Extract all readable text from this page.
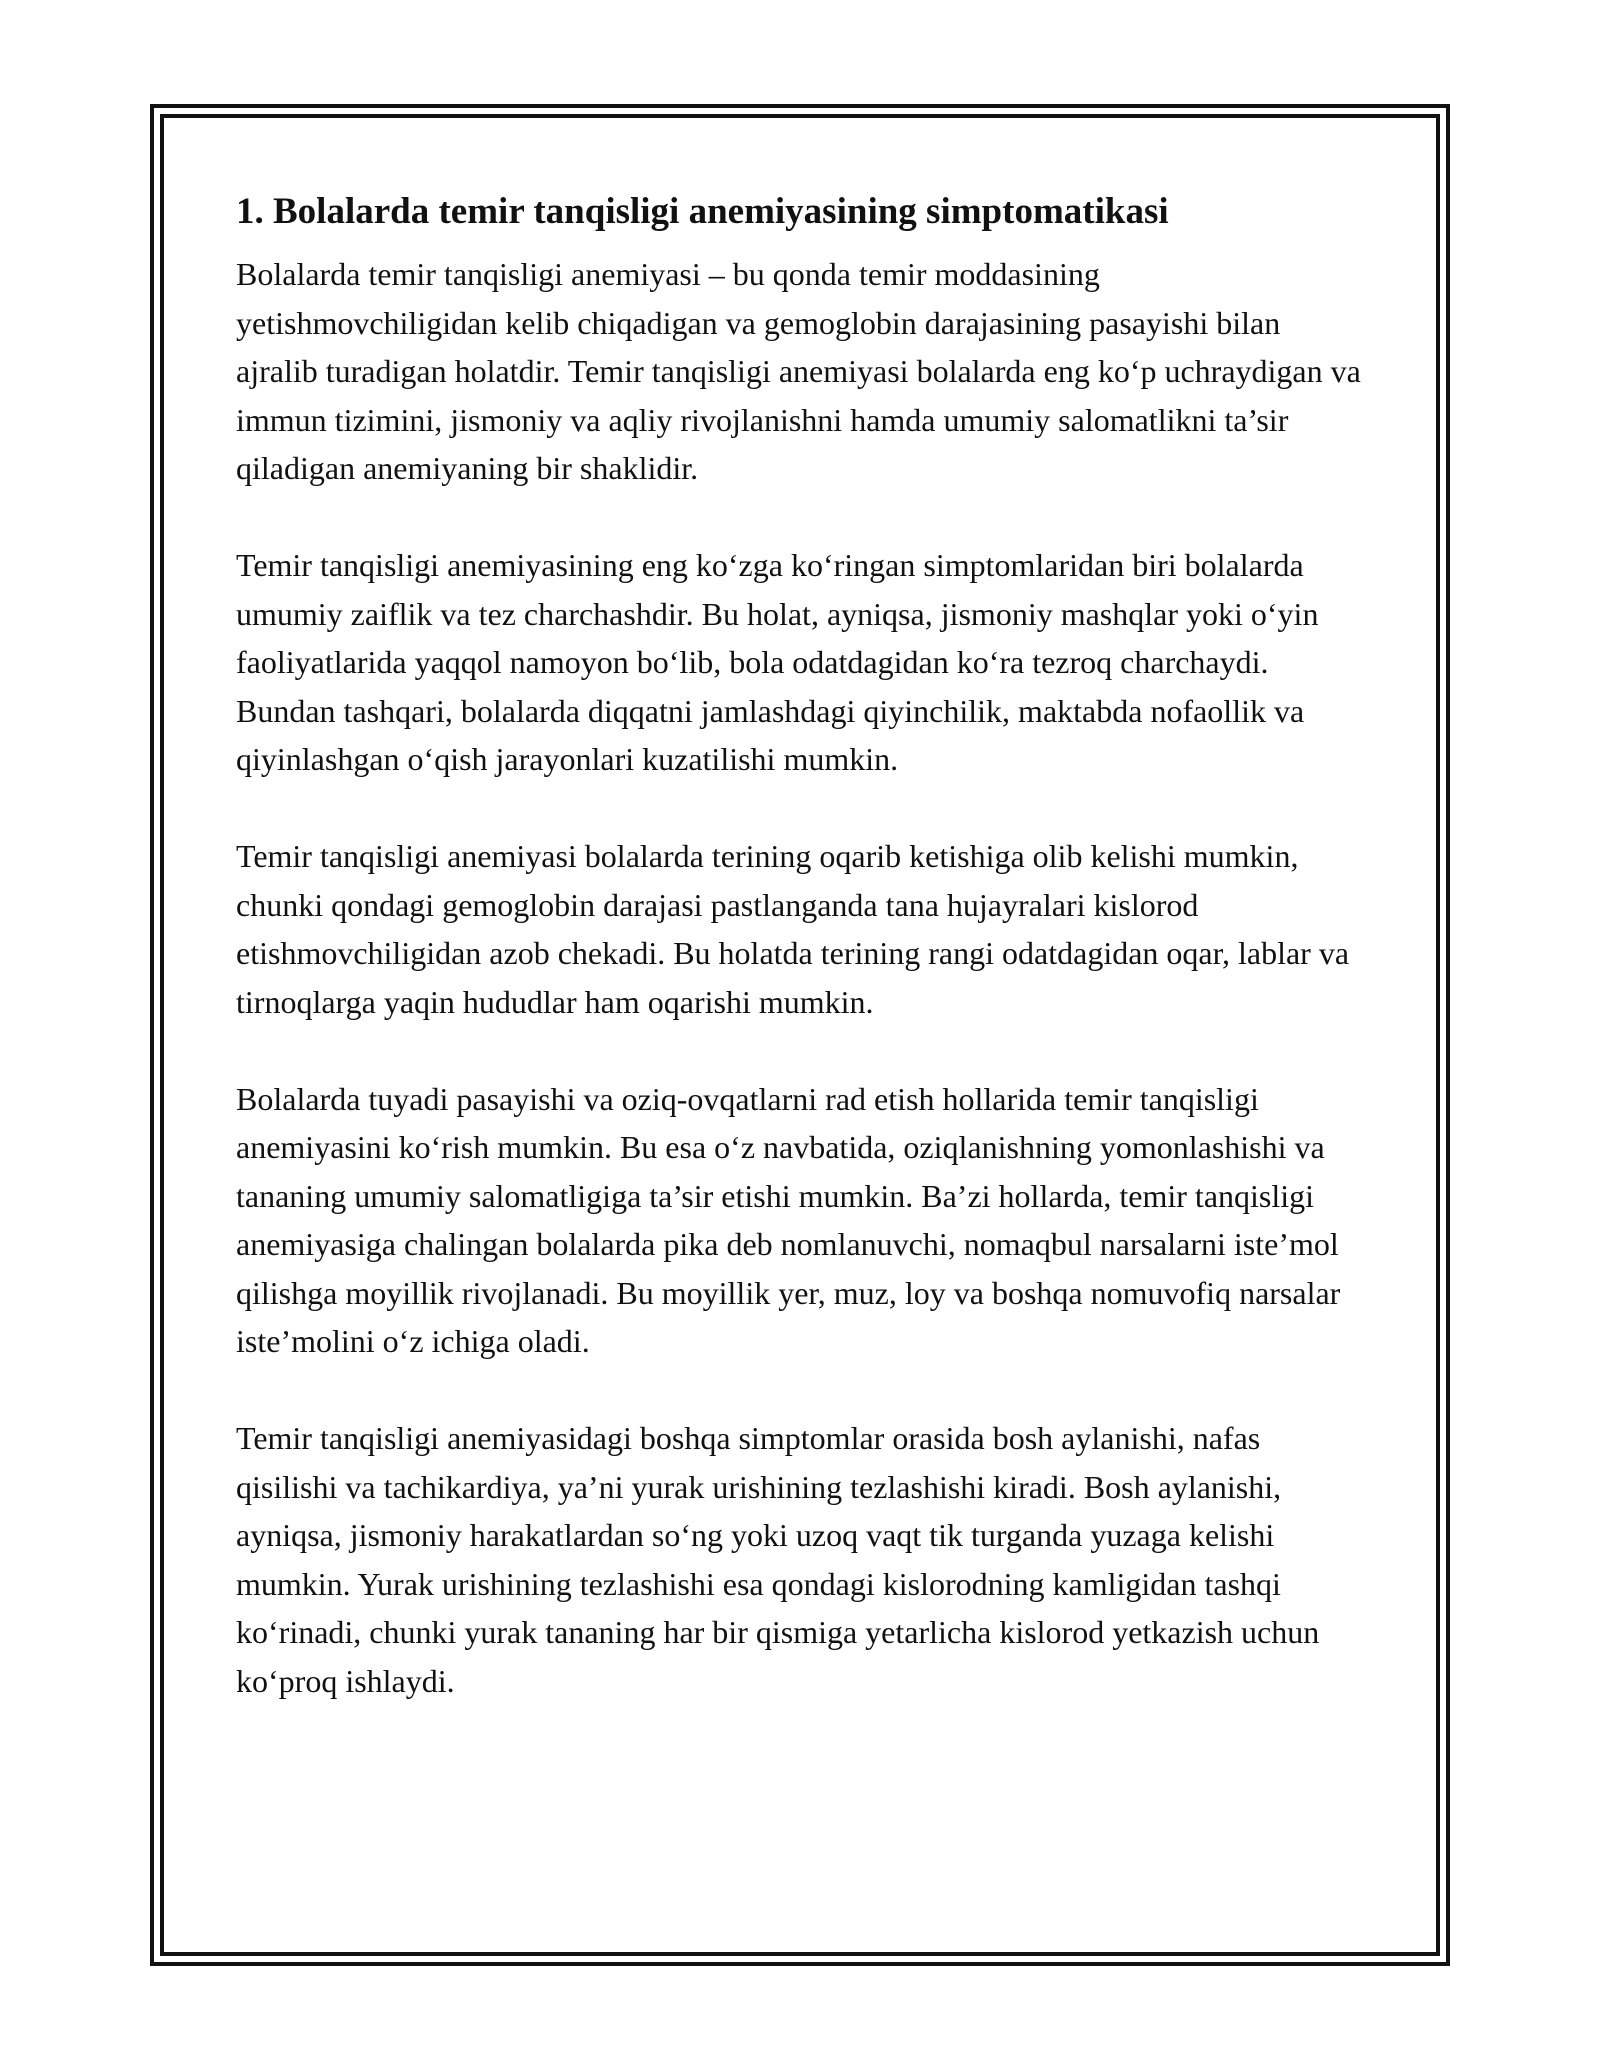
1. Bolalarda temir tanqisligi anemiyasining simptomatikasi

Bolalarda temir tanqisligi anemiyasi – bu qonda temir moddasining yetishmovchiligidan kelib chiqadigan va gemoglobin darajasining pasayishi bilan ajralib turadigan holatdir. Temir tanqisligi anemiyasi bolalarda eng ko‘p uchraydigan va immun tizimini, jismoniy va aqliy rivojlanishni hamda umumiy salomatlikni ta’sir qiladigan anemiyaning bir shaklidir.

Temir tanqisligi anemiyasining eng ko‘zga ko‘ringan simptomlaridan biri bolalarda umumiy zaiflik va tez charchashdir. Bu holat, ayniqsa, jismoniy mashqlar yoki o‘yin faoliyatlarida yaqqol namoyon bo‘lib, bola odatdagidan ko‘ra tezroq charchaydi. Bundan tashqari, bolalarda diqqatni jamlashdagi qiyinchilik, maktabda nofaollik va qiyinlashgan o‘qish jarayonlari kuzatilishi mumkin.

Temir tanqisligi anemiyasi bolalarda terining oqarib ketishiga olib kelishi mumkin, chunki qondagi gemoglobin darajasi pastlanganda tana hujayralari kislorod etishmovchiligidan azob chekadi. Bu holatda terining rangi odatdagidan oqar, lablar va tirnoqlarga yaqin hududlar ham oqarishi mumkin.

Bolalarda tuyadi pasayishi va oziq-ovqatlarni rad etish hollarida temir tanqisligi anemiyasini ko‘rish mumkin. Bu esa o‘z navbatida, oziqlanishning yomonlashishi va tananing umumiy salomatligiga ta’sir etishi mumkin. Ba’zi hollarda, temir tanqisligi anemiyasiga chalingan bolalarda pika deb nomlanuvchi, nomaqbul narsalarni iste’mol qilishga moyillik rivojlanadi. Bu moyillik yer, muz, loy va boshqa nomuvofiq narsalar iste’molini o‘z ichiga oladi.

Temir tanqisligi anemiyasidagi boshqa simptomlar orasida bosh aylanishi, nafas qisilishi va tachikardiya, ya’ni yurak urishining tezlashishi kiradi. Bosh aylanishi, ayniqsa, jismoniy harakatlardan so‘ng yoki uzoq vaqt tik turganda yuzaga kelishi mumkin. Yurak urishining tezlashishi esa qondagi kislorodning kamligidan tashqi ko‘rinadi, chunki yurak tananing har bir qismiga yetarlicha kislorod yetkazish uchun ko‘proq ishlaydi.
